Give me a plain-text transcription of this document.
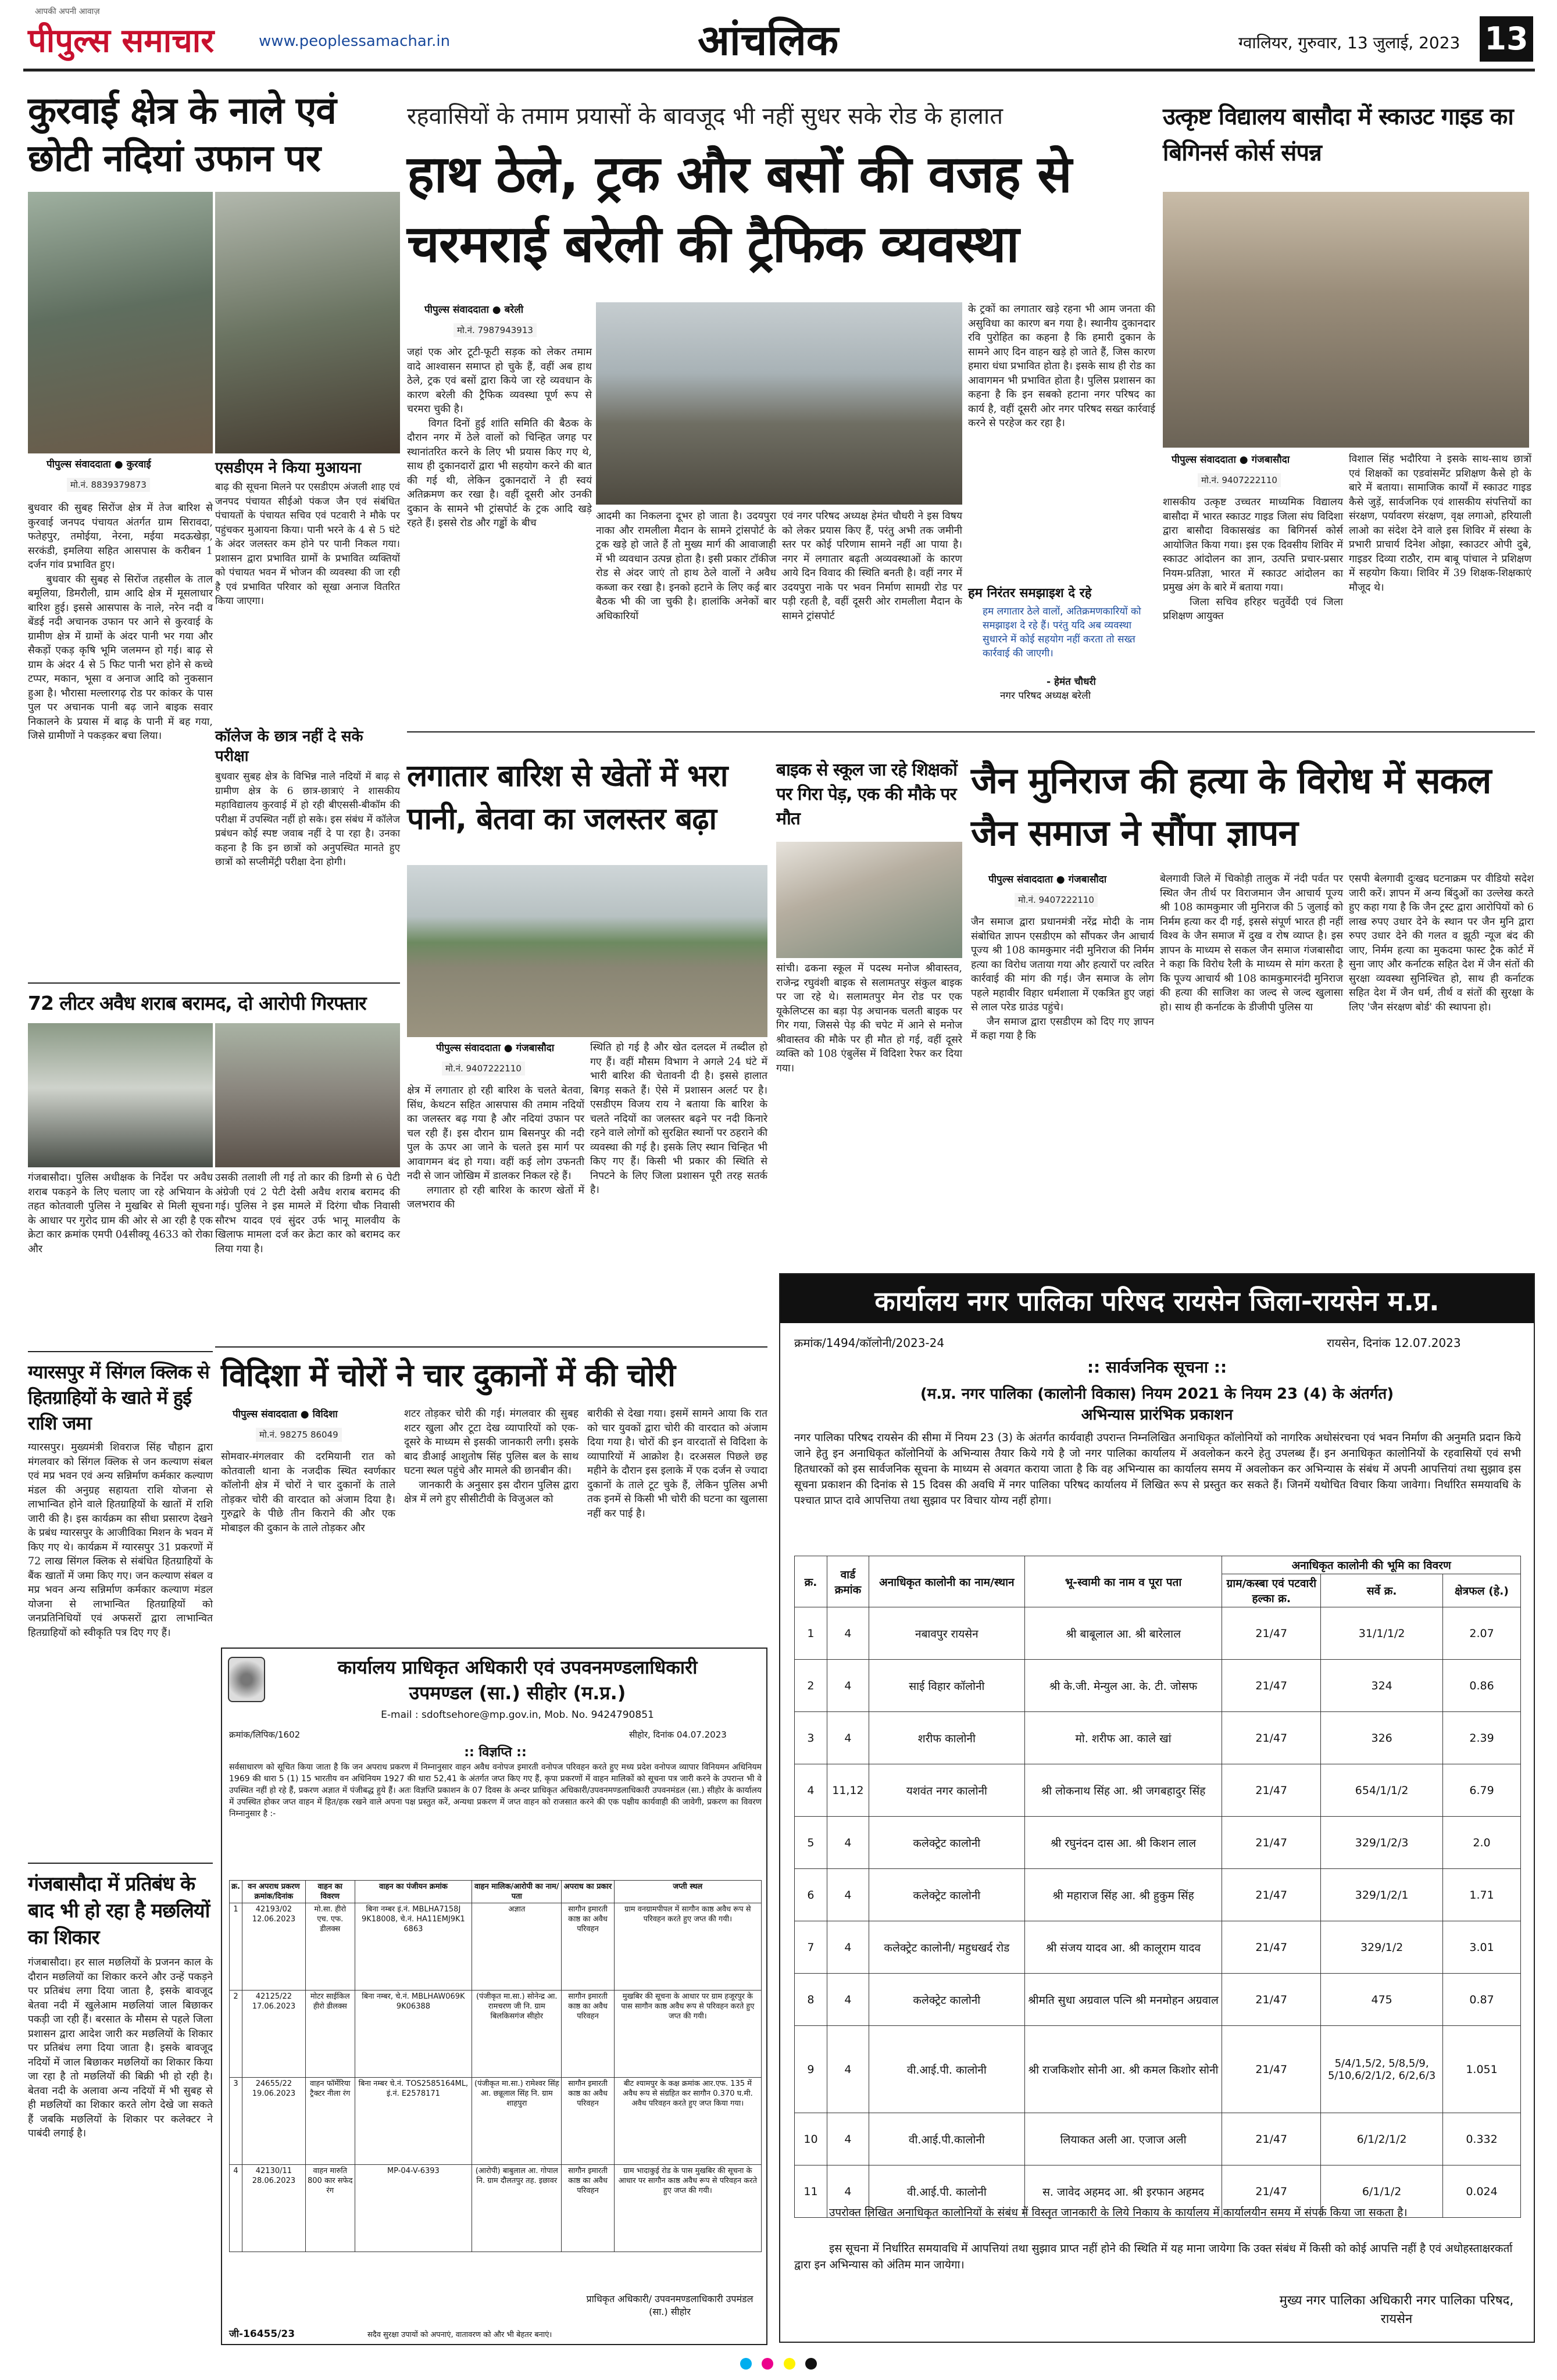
पीपुल्स समाचार
आपकी अपनी आवाज़
www.peoplessamachar.in	आंचलिक	ग्वालियर, गुरुवार, 13 जुलाई, 2023 13
कुरवाई क्षेत्र के नाले एवं छोटी नदियां उफान पर
पीपुल्स संवाददाता ● कुरवाई
मो.नं. 8839379873
बुधवार की सुबह सिरोंज क्षेत्र में तेज बारिश से कुरवाई जनपद पंचायत अंतर्गत ग्राम सिरावदा, फतेहपुर, तमोईया, नेरना, मईया मदऊखेड़ा, सरकंडी, इमलिया सहित आसपास के करीबन 1 दर्जन गांव प्रभावित हुए।
बुधवार की सुबह से सिरोंज तहसील के ताल बमूलिया, डिमरौली, ग्राम आदि क्षेत्र में मूसलाधार बारिश हुई। इससे आसपास के नाले, नरेन नदी व बेंडई नदी अचानक उफान पर आने से कुरवाई के ग्रामीण क्षेत्र में ग्रामों के अंदर पानी भर गया और सैकड़ों एकड़ कृषि भूमि जलमग्न हो गई। बाढ़ से ग्राम के अंदर 4 से 5 फिट पानी भरा होने से कच्चे टप्पर, मकान, भूसा व अनाज आदि को नुकसान हुआ है। भौरासा मल्लारगढ़ रोड पर कांकर के पास पुल पर अचानक पानी बढ़ जाने बाइक सवार निकालने के प्रयास में बाढ़ के पानी में बह गया, जिसे ग्रामीणों ने पकड़कर बचा लिया।
एसडीएम ने किया मुआयना
बाढ़ की सूचना मिलने पर एसडीएम अंजली शाह एवं जनपद पंचायत सीईओ पंकज जैन एवं संबंधित पंचायतों के पंचायत सचिव एवं पटवारी ने मौके पर पहुंचकर मुआयना किया। पानी भरने के 4 से 5 घंटे के अंदर जलस्तर कम होने पर पानी निकल गया। प्रशासन द्वारा प्रभावित ग्रामों के प्रभावित व्यक्तियों को पंचायत भवन में भोजन की व्यवस्था की जा रही है एवं प्रभावित परिवार को सूखा अनाज वितरित किया जाएगा।
कॉलेज के छात्र नहीं दे सके परीक्षा
बुधवार सुबह क्षेत्र के विभिन्न नाले नदियों में बाढ़ से ग्रामीण क्षेत्र के 6 छात्र-छात्राएं ने शासकीय महाविद्यालय कुरवाई में हो रही बीएससी-बीकॉम की परीक्षा में उपस्थित नहीं हो सके। इस संबंध में कॉलेज प्रबंधन कोई स्पष्ट जवाब नहीं दे पा रहा है। उनका कहना है कि इन छात्रों को अनुपस्थित मानते हुए छात्रों को सप्लीमेंट्री परीक्षा देना होगी।
72 लीटर अवैध शराब बरामद, दो आरोपी गिरफ्तार
गंजबासौदा। पुलिस अधीक्षक के निर्देश पर अवैध शराब पकड़ने के लिए चलाए जा रहे अभियान के तहत कोतवाली पुलिस ने मुखबिर से मिली सूचना के आधार पर गुरोद ग्राम की ओर से आ रही है एक क्रेटा कार क्रमांक एमपी 04सीक्यू 4633 को रोका और
उसकी तलाशी ली गई तो कार की डिग्गी से 6 पेटी अंग्रेजी एवं 2 पेटी देसी अवैध शराब बरामद की गई। पुलिस ने इस मामले में दिरंगा चौक निवासी सौरभ यादव एवं सुंदर उर्फ भानू मालवीय के खिलाफ मामला दर्ज कर क्रेटा कार को बरामद कर लिया गया है।
ग्यारसपुर में सिंगल क्लिक से हितग्राहियों के खाते में हुई राशि जमा
ग्यारसपुर। मुख्यमंत्री शिवराज सिंह चौहान द्वारा मंगलवार को सिंगल क्लिक से जन कल्याण संबल एवं मप्र भवन एवं अन्य सन्निर्माण कर्मकार कल्याण मंडल की अनुग्रह सहायता राशि योजना से लाभान्वित होने वाले हितग्राहियों के खातों में राशि जारी की है। इस कार्यक्रम का सीधा प्रसारण देखने के प्रबंध ग्यारसपुर के आजीविका मिशन के भवन में किए गए थे। कार्यक्रम में ग्यारसपुर 31 प्रकरणों में 72 लाख सिंगल क्लिक से संबंधित हितग्राहियों के बैंक खातों में जमा किए गए। जन कल्याण संबल व मप्र भवन अन्य सन्निर्माण कर्मकार कल्याण मंडल योजना से लाभान्वित हितग्राहियों को जनप्रतिनिधियों एवं अफसरों द्वारा लाभान्वित हितग्राहियों को स्वीकृति पत्र दिए गए हैं।
गंजबासौदा में प्रतिबंध के बाद भी हो रहा है मछलियों का शिकार
गंजबासौदा। हर साल मछलियों के प्रजनन काल के दौरान मछलियों का शिकार करने और उन्हें पकड़ने पर प्रतिबंध लगा दिया जाता है, इसके बावजूद बेतवा नदी में खुलेआम मछलियां जाल बिछाकर पकड़ी जा रही हैं। बरसात के मौसम से पहले जिला प्रशासन द्वारा आदेश जारी कर मछलियों के शिकार पर प्रतिबंध लगा दिया जाता है। इसके बावजूद नदियों में जाल बिछाकर मछलियों का शिकार किया जा रहा है तो मछलियों की बिक्री भी हो रही है। बेतवा नदी के अलावा अन्य नदियों में भी सुबह से ही मछलियों का शिकार करते लोग देखे जा सकते हैं जबकि मछलियों के शिकार पर कलेक्टर ने पाबंदी लगाई है।
रहवासियों के तमाम प्रयासों के बावजूद भी नहीं सुधर सके रोड के हालात
हाथ ठेले, ट्रक और बसों की वजह से चरमराई बरेली की ट्रैफिक व्यवस्था
पीपुल्स संवाददाता ● बरेली
मो.नं. 7987943913
जहां एक ओर टूटी-फूटी सड़क को लेकर तमाम वादे आश्वासन समाप्त हो चुके हैं, वहीं अब हाथ ठेले, ट्रक एवं बसों द्वारा किये जा रहे व्यवधान के कारण बरेली की ट्रैफिक व्यवस्था पूर्ण रूप से चरमरा चुकी है।
विगत दिनों हुई शांति समिति की बैठक के दौरान नगर में ठेले वालों को चिन्हित जगह पर स्थानांतरित करने के लिए भी प्रयास किए गए थे, साथ ही दुकानदारों द्वारा भी सहयोग करने की बात की गई थी, लेकिन दुकानदारों ने ही स्वयं अतिक्रमण कर रखा है। वहीं दूसरी ओर उनकी दुकान के सामने भी ट्रांसपोर्ट के ट्रक आदि खड़े रहते हैं। इससे रोड और गड्ढों के बीच
आदमी का निकलना दूभर हो जाता है। उदयपुरा नाका और रामलीला मैदान के सामने ट्रांसपोर्ट के ट्रक खड़े हो जाते हैं तो मुख्य मार्ग की आवाजाही में भी व्यवधान उत्पन्न होता है। इसी प्रकार टॉकीज रोड से अंदर जाएं तो हाथ ठेले वालों ने अवैध कब्जा कर रखा है। इनको हटाने के लिए कई बार बैठक भी की जा चुकी है। हालांकि अनेकों बार अधिकारियों
एवं नगर परिषद अध्यक्ष हेमंत चौधरी ने इस विषय को लेकर प्रयास किए हैं, परंतु अभी तक जमीनी स्तर पर कोई परिणाम सामने नहीं आ पाया है। नगर में लगातार बढ़ती अव्यवस्थाओं के कारण आये दिन विवाद की स्थिति बनती है। वहीं नगर में उदयपुरा नाके पर भवन निर्माण सामग्री रोड पर पड़ी रहती है, वहीं दूसरी ओर रामलीला मैदान के सामने ट्रांसपोर्ट
के ट्रकों का लगातार खड़े रहना भी आम जनता की असुविधा का कारण बन गया है। स्थानीय दुकानदार रवि पुरोहित का कहना है कि हमारी दुकान के सामने आए दिन वाहन खड़े हो जाते हैं, जिस कारण हमारा धंधा प्रभावित होता है। इसके साथ ही रोड का आवागमन भी प्रभावित होता है। पुलिस प्रशासन का कहना है कि इन सबको हटाना नगर परिषद का कार्य है, वहीं दूसरी ओर नगर परिषद सख्त कार्रवाई करने से परहेज कर रहा है।
हम निरंतर समझाइश दे रहे
हम लगातार ठेले वालों, अतिक्रमणकारियों को समझाइश दे रहे हैं। परंतु यदि अब व्यवस्था सुधारने में कोई सहयोग नहीं करता तो सख्त कार्रवाई की जाएगी।
- हेमंत चौधरी
नगर परिषद अध्यक्ष बरेली
उत्कृष्ट विद्यालय बासौदा में स्काउट गाइड का बिगिनर्स कोर्स संपन्न
पीपुल्स संवाददाता ● गंजबासौदा
मो.नं. 9407222110
शासकीय उत्कृष्ट उच्चतर माध्यमिक विद्यालय बासौदा में भारत स्काउट गाइड जिला संघ विदिशा द्वारा बासौदा विकासखंड का बिगिनर्स कोर्स आयोजित किया गया। इस एक दिवसीय शिविर में स्काउट आंदोलन का ज्ञान, उत्पत्ति प्रचार-प्रसार नियम-प्रतिज्ञा, भारत में स्काउट आंदोलन का प्रमुख अंग के बारे में बताया गया।
जिला सचिव हरिहर चतुर्वेदी एवं जिला प्रशिक्षण आयुक्त
विशाल सिंह भदौरिया ने इसके साथ-साथ छात्रों एवं शिक्षकों का एडवांसमेंट प्रशिक्षण कैसे हो के बारे में बताया। सामाजिक कार्यों में स्काउट गाइड कैसे जुड़ें, सार्वजनिक एवं शासकीय संपत्तियों का संरक्षण, पर्यावरण संरक्षण, वृक्ष लगाओ, हरियाली लाओ का संदेश देने वाले इस शिविर में संस्था के प्रभारी प्राचार्य दिनेश ओझा, स्काउटर ओपी दुबे, गाइडर दिव्या राठौर, राम बाबू पांचाल ने प्रशिक्षण में सहयोग किया। शिविर में 39 शिक्षक-शिक्षकाएं मौजूद थे।
लगातार बारिश से खेतों में भरा पानी, बेतवा का जलस्तर बढ़ा
पीपुल्स संवाददाता ● गंजबासौदा
मो.नं. 9407222110
क्षेत्र में लगातार हो रही बारिश के चलते बेतवा, सिंध, केथटन सहित आसपास की तमाम नदियों का जलस्तर बढ़ गया है और नदियां उफान पर चल रही हैं। इस दौरान ग्राम बिसनपुर की नदी पुल के ऊपर आ जाने के चलते इस मार्ग पर आवागमन बंद हो गया। वहीं कई लोग उफनती नदी से जान जोखिम में डालकर निकल रहे हैं।
लगातार हो रही बारिश के कारण खेतों में जलभराव की
स्थिति हो गई है और खेत दलदल में तब्दील हो गए हैं। वहीं मौसम विभाग ने अगले 24 घंटे में भारी बारिश की चेतावनी दी है। इससे हालात बिगड़ सकते हैं। ऐसे में प्रशासन अलर्ट पर है। एसडीएम विजय राय ने बताया कि बारिश के चलते नदियों का जलस्तर बढ़ने पर नदी किनारे रहने वाले लोगों को सुरक्षित स्थानों पर ठहराने की व्यवस्था की गई है। इसके लिए स्थान चिन्हित भी किए गए हैं। किसी भी प्रकार की स्थिति से निपटने के लिए जिला प्रशासन पूरी तरह सतर्क है।
बाइक से स्कूल जा रहे शिक्षकों पर गिरा पेड़, एक की मौके पर मौत
सांची। ढकना स्कूल में पदस्थ मनोज श्रीवास्तव, राजेन्द्र रघुवंशी बाइक से सलामतपुर संकुल बाइक पर जा रहे थे। सलामतपुर मेन रोड पर एक यूकेलिप्टस का बड़ा पेड़ अचानक चलती बाइक पर गिर गया, जिससे पेड़ की चपेट में आने से मनोज श्रीवास्तव की मौके पर ही मौत हो गई, वहीं दूसरे व्यक्ति को 108 एंबुलेंस में विदिशा रेफर कर दिया गया।
जैन मुनिराज की हत्या के विरोध में सकल जैन समाज ने सौंपा ज्ञापन
पीपुल्स संवाददाता ● गंजबासौदा
मो.नं. 9407222110
जैन समाज द्वारा प्रधानमंत्री नरेंद्र मोदी के नाम संबोधित ज्ञापन एसडीएम को सौंपकर जैन आचार्य पूज्य श्री 108 कामकुमार नंदी मुनिराज की निर्मम हत्या का विरोध जताया गया और हत्यारों पर त्वरित कार्रवाई की मांग की गई। जैन समाज के लोग पहले महावीर विहार धर्मशाला में एकत्रित हुए जहां से लाल परेड ग्राउंड पहुंचे।
जैन समाज द्वारा एसडीएम को दिए गए ज्ञापन में कहा गया है कि
बेलगावी जिले में चिकोड़ी तालुक में नंदी पर्वत पर स्थित जैन तीर्थ पर विराजमान जैन आचार्य पूज्य श्री 108 कामकुमार जी मुनिराज की 5 जुलाई को निर्मम हत्या कर दी गई, इससे संपूर्ण भारत ही नहीं विश्व के जैन समाज में दुख व रोष व्याप्त है। इस ज्ञापन के माध्यम से सकल जैन समाज गंजबासौदा ने कहा कि विरोध रैली के माध्यम से मांग करता है कि पूज्य आचार्य श्री 108 कामकुमारनंदी मुनिराज की हत्या की साजिश का जल्द से जल्द खुलासा हो। साथ ही कर्नाटक के डीजीपी पुलिस या
एसपी बेलगावी दुःखद घटनाक्रम पर वीडियो सदेश जारी करें। ज्ञापन में अन्य बिंदुओं का उल्लेख करते हुए कहा गया है कि जैन ट्रस्ट द्वारा आरोपियों को 6 लाख रुपए उधार देने के स्थान पर जैन मुनि द्वारा रुपए उधार देने की गलत व झूठी न्यूज बंद की जाए, निर्मम हत्या का मुकदमा फास्ट ट्रैक कोर्ट में सुना जाए और कर्नाटक सहित देश में जैन संतों की सुरक्षा व्यवस्था सुनिश्चित हो, साथ ही कर्नाटक सहित देश में जैन धर्म, तीर्थ व संतों की सुरक्षा के लिए 'जैन संरक्षण बोर्ड' की स्थापना हो।
विदिशा में चोरों ने चार दुकानों में की चोरी
पीपुल्स संवाददाता ● विदिशा
मो.नं. 98275 86049
सोमवार-मंगलवार की दरमियानी रात को कोतवाली थाना के नजदीक स्थित स्वर्णकार कॉलोनी क्षेत्र में चोरों ने चार दुकानों के ताले तोड़कर चोरी की वारदात को अंजाम दिया है। गुरुद्वारे के पीछे तीन किराने की और एक मोबाइल की दुकान के ताले तोड़कर और
शटर तोड़कर चोरी की गई। मंगलवार की सुबह शटर खुला और टूटा देख व्यापारियों को एक-दूसरे के माध्यम से इसकी जानकारी लगी। इसके बाद डीआई आशुतोष सिंह पुलिस बल के साथ घटना स्थल पहुंचे और मामले की छानबीन की।
जानकारी के अनुसार इस दौरान पुलिस द्वारा क्षेत्र में लगे हुए सीसीटीवी के विजुअल को
बारीकी से देखा गया। इसमें सामने आया कि रात को चार युवकों द्वारा चोरी की वारदात को अंजाम दिया गया है। चोरों की इन वारदातों से विदिशा के व्यापारियों में आक्रोश है। दरअसल पिछले छह महीने के दौरान इस इलाके में एक दर्जन से ज्यादा दुकानों के ताले टूट चुके हैं, लेकिन पुलिस अभी तक इनमें से किसी भी चोरी की घटना का खुलासा नहीं कर पाई है।
कार्यालय प्राधिकृत अधिकारी एवं उपवनमण्डलाधिकारी
उपमण्डल (सा.) सीहोर (म.प्र.)
E-mail : sdoftsehore@mp.gov.in, Mob. No. 9424790851
क्रमांक/लिपिक/1602	सीहोर, दिनांक 04.07.2023
:: विज्ञप्ति ::
सर्वसाधारण को सूचित किया जाता है कि जन अपराध प्रकरण में निम्नानुसार वाहन अवैध वनोपज इमारती वनोपज परिवहन करते हुए मध्य प्रदेश वनोपज व्यापार विनियमन अधिनियम 1969 की धारा 5 (1) 15 भारतीय वन अधिनियम 1927 की धारा 52,41 के अंतर्गत जप्त किए गए हैं, कृपा प्रकरणों में वाहन मालिकों को सूचना पत्र जारी करने के उपरान्त भी वे उपस्थित नहीं हो रहे हैं, प्रकरण अज्ञात में पंजीबद्ध हुये हैं। अतः विज्ञप्ति प्रकाशन के 07 दिवस के अन्दर प्राधिकृत अधिकारी/उपवनमण्डलाधिकारी उपवनमंडल (सा.) सीहोर के कार्यालय में उपस्थित होकर जप्त वाहन में हित/हक रखने वाले अपना पक्ष प्रस्तुत करें, अन्यथा प्रकरण में जप्त वाहन को राजसात करने की एक पक्षीय कार्यवाही की जावेगी, प्रकरण का विवरण निम्नानुसार है :-
क्र.	वन अपराध प्रकरण क्रमांक/दिनांक	वाहन का विवरण	वाहन का पंजीयन क्रमांक	वाहन मालिक/आरोपी का नाम/पता	अपराध का प्रकार	जप्ती स्थल
1	42193/02 12.06.2023	मो.सा. हीरो एच. एफ. डीलक्स	बिना नम्बर इं.नं. MBLHA7158J 9K18008, चे.नं. HA11EMJ9K1 6863	अज्ञात	सागौन इमारती काष्ठ का अवैध परिवहन	ग्राम वनग्रामपीपल में सागौन काष्ठ अवैध रूप से परिवहन करते हुए जप्त की गयी।
2	42125/22 17.06.2023	मोटर साईकिल हीरो डीलक्स	बिना नम्बर, चे.नं. MBLHAW069K 9K06388	(पंजीकृत मा.सा.) सोनेन्द्र आ. रामचरण जी नि. ग्राम बिलकिसगंज सीहोर	सागौन इमारती काष्ठ का अवैध परिवहन	मुखबिर की सूचना के आधार पर ग्राम हजूरपुर के पास सागौन काष्ठ अवैध रूप से परिवहन करते हुए जप्त की गयी।
3	24655/22 19.06.2023	वाहन फॉर्मेरिया ट्रैक्टर नीला रंग	बिना नम्बर चे.नं. TOS2585164ML, इं.नं. E2578171	(पंजीकृत मा.सा.) रामेश्वर सिंह आ. छन्नूलाल सिंह नि. ग्राम शाहपुरा	सागौन इमारती काष्ठ का अवैध परिवहन	बीट श्यामपुर के कक्ष क्रमांक आर.एफ. 135 में अवैध रूप से संग्रहित कर सागौन 0.370 घ.मी. अवैध परिवहन करते हुए जप्त किया गया।
4	42130/11 28.06.2023	वाहन मारुति 800 कार सफेद रंग	MP-04-V-6393	(आरोपी) बाबुलाल आ. गोपाल नि. ग्राम दौलतपुर तह. इछावर	सागौन इमारती काष्ठ का अवैध परिवहन	ग्राम भादाकुई रोड के पास मुखबिर की सूचना के आधार पर सागौन काष्ठ अवैध रूप से परिवहन करते हुए जप्त की गयी।
प्राधिकृत अधिकारी/ उपवनमण्डलाधिकारी उपमंडल (सा.) सीहोर
जी-16455/23	सदैव सुरक्षा उपायों को अपनाएं, वातावरण को और भी बेहतर बनाएं।
कार्यालय नगर पालिका परिषद रायसेन जिला-रायसेन म.प्र.
क्रमांक/1494/कॉलोनी/2023-24	रायसेन, दिनांक 12.07.2023
:: सार्वजनिक सूचना ::
(म.प्र. नगर पालिका (कालोनी विकास) नियम 2021 के नियम 23 (4) के अंतर्गत)
अभिन्यास प्रारंभिक प्रकाशन
नगर पालिका परिषद रायसेन की सीमा में नियम 23 (3) के अंतर्गत कार्यवाही उपरान्त निम्नलिखित अनाधिकृत कॉलोनियों को नागरिक अधोसंरचना एवं भवन निर्माण की अनुमति प्रदान किये जाने हेतु इन अनाधिकृत कॉलोनियों के अभिन्यास तैयार किये गये है जो नगर पालिका कार्यालय में अवलोकन करने हेतु उपलब्ध हैं। इन अनाधिकृत कालोनियों के रहवासियों एवं सभी हितधारकों को इस सार्वजनिक सूचना के माध्यम से अवगत कराया जाता है कि वह अभिन्यास का कार्यालय समय में अवलोकन कर अभिन्यास के संबंध में अपनी आपत्तियां तथा सुझाव इस सूचना प्रकाशन की दिनांक से 15 दिवस की अवधि में नगर पालिका परिषद कार्यालय में लिखित रूप से प्रस्तुत कर सकते हैं। जिनमें यथोचित विचार किया जावेगा। निर्धारित समयावधि के पश्चात प्राप्त दावे आपत्तिया तथा सुझाव पर विचार योग्य नहीं होगा।
क्र.	वार्ड क्रमांक	अनाधिकृत कालोनी का नाम/स्थान	भू-स्वामी का नाम व पूरा पता	अनाधिकृत कालोनी की भूमि का विवरण		
				ग्राम/कस्बा एवं पटवारी हल्का क्र.	सर्वे क्र.	क्षेत्रफल (हे.)
1	4	नबावपुर रायसेन	श्री बाबूलाल आ. श्री बारेलाल	21/47	31/1/1/2	2.07
2	4	साई विहार कॉलोनी	श्री के.जी. मेन्युल आ. के. टी. जोसफ	21/47	324	0.86
3	4	शरीफ कालोनी	मो. शरीफ आ. काले खां	21/47	326	2.39
4	11,12	यशवंत नगर कालोनी	श्री लोकनाथ सिंह आ. श्री जगबहादुर सिंह	21/47	654/1/1/2	6.79
5	4	कलेक्ट्रेट कालोनी	श्री रघुनंदन दास आ. श्री किशन लाल	21/47	329/1/2/3	2.0
6	4	कलेक्ट्रेट कालोनी	श्री महाराज सिंह आ. श्री हुकुम सिंह	21/47	329/1/2/1	1.71
7	4	कलेक्ट्रेट कालोनी/ महुधखर्द रोड	श्री संजय यादव आ. श्री कालूराम यादव	21/47	329/1/2	3.01
8	4	कलेक्ट्रेट कालोनी	श्रीमति सुधा अग्रवाल पत्नि श्री मनमोहन अग्रवाल	21/47	475	0.87
9	4	वी.आई.पी. कालोनी	श्री राजकिशोर सोनी आ. श्री कमल किशोर सोनी	21/47	5/4/1,5/2, 5/8,5/9, 5/10,6/2/1/2, 6/2,6/3	1.051
10	4	वी.आई.पी.कालोनी	लियाकत अली आ. एजाज अली	21/47	6/1/2/1/2	0.332
11	4	वी.आई.पी. कालोनी	स. जावेद अहमद आ. श्री इरफान अहमद	21/47	6/1/1/2	0.024
उपरोक्त लिखित अनाधिकृत कालोनियों के संबंध में विस्तृत जानकारी के लिये निकाय के कार्यालय में कार्यालयीन समय में संपर्क किया जा सकता है।
इस सूचना में निर्धारित समयावधि में आपत्तियां तथा सुझाव प्राप्त नहीं होने की स्थिति में यह माना जायेगा कि उक्त संबंध में किसी को कोई आपत्ति नहीं है एवं अधोहस्ताक्षरकर्ता द्वारा इन अभिन्यास को अंतिम मान जायेगा।
मुख्य नगर पालिका अधिकारी नगर पालिका परिषद, रायसेन
